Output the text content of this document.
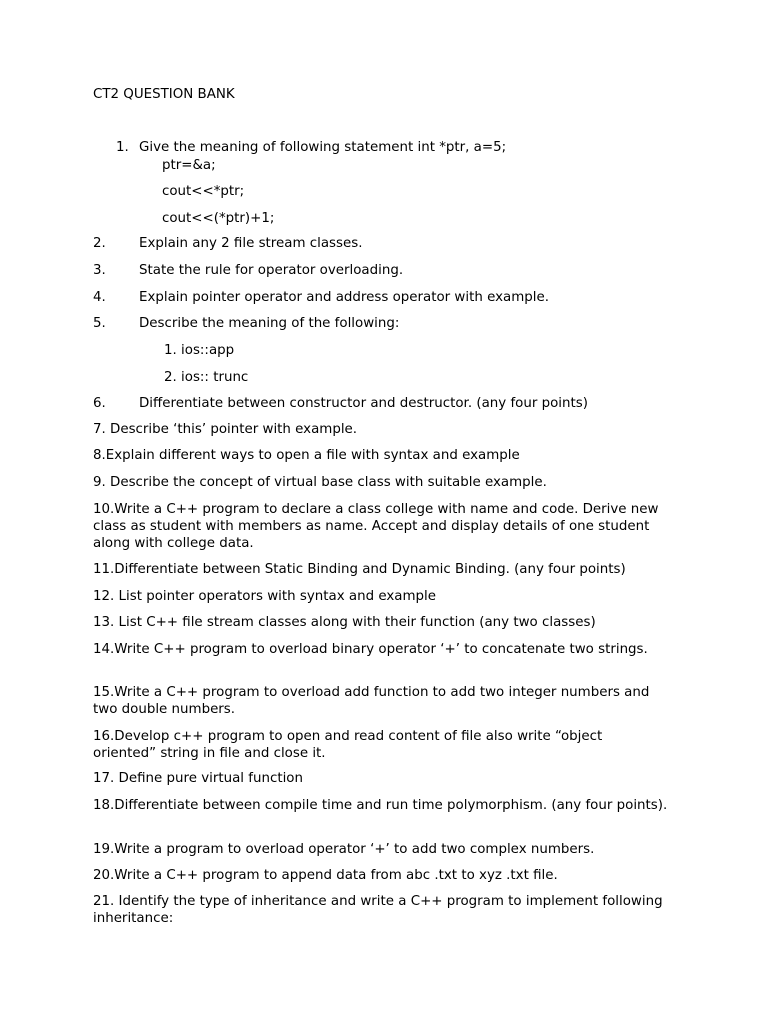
CT2 QUESTION BANK
1. Give the meaning of following statement int *ptr, a=5;
ptr=&a;
cout<<*ptr;
cout<<(*ptr)+1;
2. Explain any 2 file stream classes.
3. State the rule for operator overloading.
4. Explain pointer operator and address operator with example.
5. Describe the meaning of the following:
1. ios::app
2. ios:: trunc
6. Differentiate between constructor and destructor. (any four points)
7. Describe ‘this’ pointer with example.
8.Explain different ways to open a file with syntax and example
9. Describe the concept of virtual base class with suitable example.
10.Write a C++ program to declare a class college with name and code. Derive new class as student with members as name. Accept and display details of one student along with college data.
11.Differentiate between Static Binding and Dynamic Binding. (any four points)
12. List pointer operators with syntax and example
13. List C++ file stream classes along with their function (any two classes)
14.Write C++ program to overload binary operator ‘+’ to concatenate two strings.
15.Write a C++ program to overload add function to add two integer numbers and two double numbers.
16.Develop c++ program to open and read content of file also write “object oriented” string in file and close it.
17. Define pure virtual function
18.Differentiate between compile time and run time polymorphism. (any four points).
19.Write a program to overload operator ‘+’ to add two complex numbers.
20.Write a C++ program to append data from abc .txt to xyz .txt file.
21. Identify the type of inheritance and write a C++ program to implement following inheritance:
